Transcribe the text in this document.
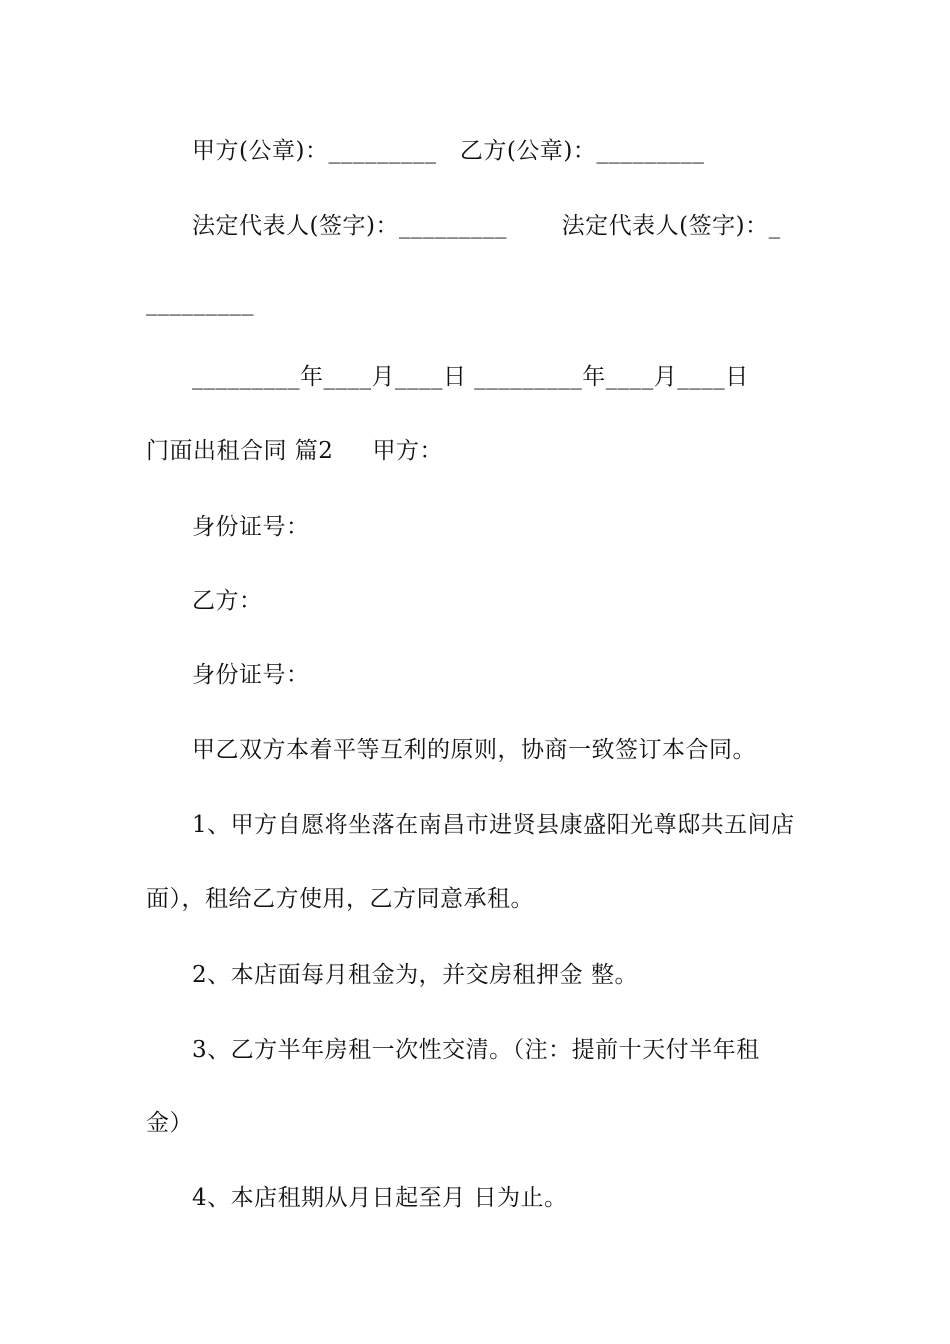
甲方(公章)：_________   乙方(公章)：_________
法定代表人(签字)：_________       法定代表人(签字)：_
_________
_________年____月____日 _________年____月____日
门面出租合同 篇2     甲方：
身份证号：
乙方：
身份证号：
甲乙双方本着平等互利的原则，协商一致签订本合同。
1、甲方自愿将坐落在南昌市进贤县康盛阳光尊邸共五间店
面），租给乙方使用，乙方同意承租。
2、本店面每月租金为，并交房租押金 整。
3、乙方半年房租一次性交清。（注：提前十天付半年租
金）
4、本店租期从月日起至月 日为止。
